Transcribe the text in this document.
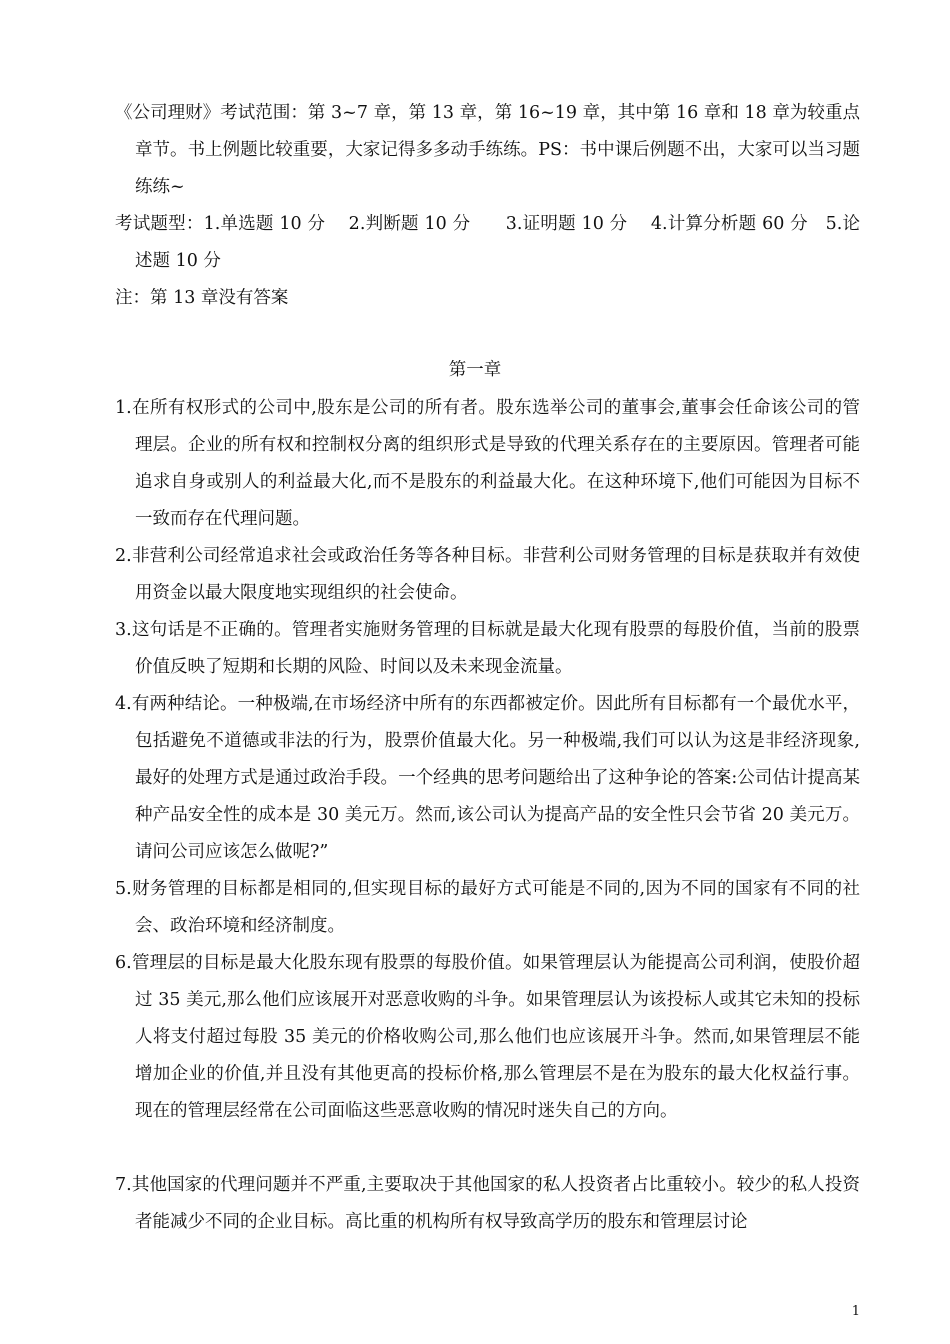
《公司理财》考试范围：第 3~7 章，第 13 章，第 16~19 章，其中第 16 章和 18 章为较重点章节。书上例题比较重要，大家记得多多动手练练。PS：书中课后例题不出，大家可以当习题练练~

考试题型：1.单选题 10 分　 2.判断题 10 分　　3.证明题 10 分　 4.计算分析题 60 分　5.论述题 10 分

注：第 13 章没有答案

第一章

1.在所有权形式的公司中,股东是公司的所有者。股东选举公司的董事会,董事会任命该公司的管理层。企业的所有权和控制权分离的组织形式是导致的代理关系存在的主要原因。管理者可能追求自身或别人的利益最大化,而不是股东的利益最大化。在这种环境下,他们可能因为目标不一致而存在代理问题。

2.非营利公司经常追求社会或政治任务等各种目标。非营利公司财务管理的目标是获取并有效使用资金以最大限度地实现组织的社会使命。

3.这句话是不正确的。管理者实施财务管理的目标就是最大化现有股票的每股价值，当前的股票价值反映了短期和长期的风险、时间以及未来现金流量。

4.有两种结论。一种极端,在市场经济中所有的东西都被定价。因此所有目标都有一个最优水平，包括避免不道德或非法的行为，股票价值最大化。另一种极端,我们可以认为这是非经济现象,最好的处理方式是通过政治手段。一个经典的思考问题给出了这种争论的答案:公司估计提高某种产品安全性的成本是 30 美元万。然而,该公司认为提高产品的安全性只会节省 20 美元万。请问公司应该怎么做呢?”

5.财务管理的目标都是相同的,但实现目标的最好方式可能是不同的,因为不同的国家有不同的社会、政治环境和经济制度。

6.管理层的目标是最大化股东现有股票的每股价值。如果管理层认为能提高公司利润，使股价超过 35 美元,那么他们应该展开对恶意收购的斗争。如果管理层认为该投标人或其它未知的投标人将支付超过每股 35 美元的价格收购公司,那么他们也应该展开斗争。然而,如果管理层不能增加企业的价值,并且没有其他更高的投标价格,那么管理层不是在为股东的最大化权益行事。现在的管理层经常在公司面临这些恶意收购的情况时迷失自己的方向。

7.其他国家的代理问题并不严重,主要取决于其他国家的私人投资者占比重较小。较少的私人投资者能减少不同的企业目标。高比重的机构所有权导致高学历的股东和管理层讨论

1
